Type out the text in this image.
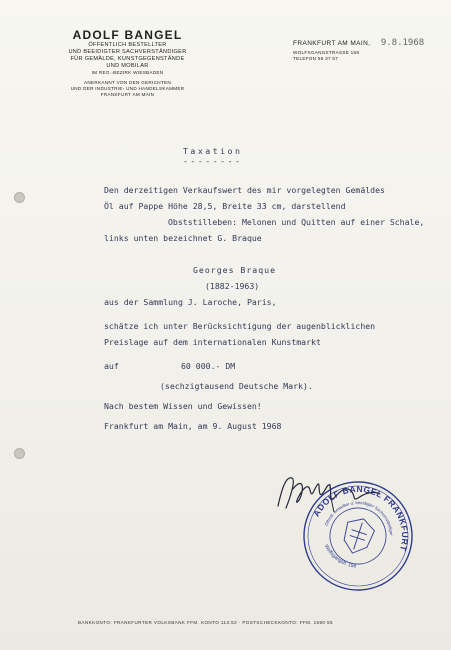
ADOLF BANGEL
ÖFFENTLICH BESTELLTER
UND BEEIDIGTER SACHVERSTÄNDIGER
FÜR GEMÄLDE, KUNSTGEGENSTÄNDE
UND MOBILAR
IM REG.-BEZIRK WIESBADEN
ANERKANNT VON DEN GERICHTEN
UND DER INDUSTRIE- UND HANDELSKAMMER
FRANKFURT AM MAIN
FRANKFURT AM MAIN, 9.8.1968
WOLFSGANGSTRASSE 158
TELEFON 55 37 67
Taxation
--------
Den derzeitigen Verkaufswert des mir vorgelegten Gemäldes
Öl auf Pappe Höhe 28,5, Breite 33 cm, darstellend
Obststilleben: Melonen und Quitten auf einer Schale,
links unten bezeichnet G. Braque
Georges Braque
(1882-1963)
aus der Sammlung J. Laroche, Paris,
schätze ich unter Berücksichtigung der augenblicklichen
Preislage auf dem internationalen Kunstmarkt
auf	60 000.- DM
(sechzigtausend Deutsche Mark).
Nach bestem Wissen und Gewissen!
Frankfurt am Main, am 9. August 1968
ADOLF BANGEL FRANKFURT/M.
Öffentl. bestellter u. beeidigter Sachverständiger
Wolfsgangstr. 158
BANKKONTO: FRANKFURTER VOLKSBANK FFM. KONTO 113.52 · POSTSCHECKKONTO: FFM. 1690 55
